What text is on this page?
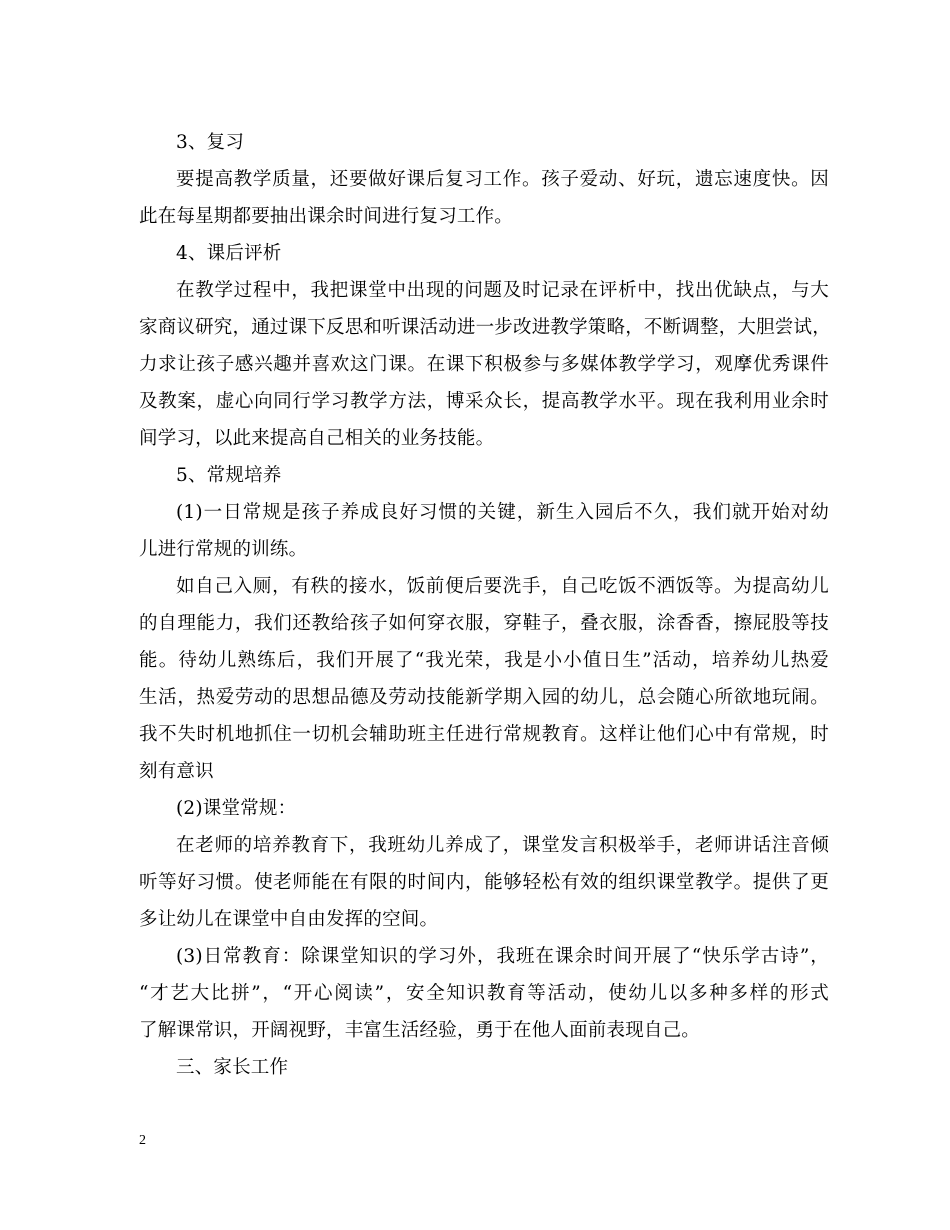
3、复习
要提高教学质量，还要做好课后复习工作。孩子爱动、好玩，遗忘速度快。因
此在每星期都要抽出课余时间进行复习工作。
4、课后评析
在教学过程中，我把课堂中出现的问题及时记录在评析中，找出优缺点，与大
家商议研究，通过课下反思和听课活动进一步改进教学策略，不断调整，大胆尝试，
力求让孩子感兴趣并喜欢这门课。在课下积极参与多媒体教学学习，观摩优秀课件
及教案，虚心向同行学习教学方法，博采众长，提高教学水平。现在我利用业余时
间学习，以此来提高自己相关的业务技能。
5、常规培养
(1)一日常规是孩子养成良好习惯的关键，新生入园后不久，我们就开始对幼
儿进行常规的训练。
如自己入厕，有秩的接水，饭前便后要洗手，自己吃饭不洒饭等。为提高幼儿
的自理能力，我们还教给孩子如何穿衣服，穿鞋子，叠衣服，涂香香，擦屁股等技
能。待幼儿熟练后，我们开展了“我光荣，我是小小值日生”活动，培养幼儿热爱
生活，热爱劳动的思想品德及劳动技能新学期入园的幼儿，总会随心所欲地玩闹。
我不失时机地抓住一切机会辅助班主任进行常规教育。这样让他们心中有常规，时
刻有意识
(2)课堂常规：
在老师的培养教育下，我班幼儿养成了，课堂发言积极举手，老师讲话注音倾
听等好习惯。使老师能在有限的时间内，能够轻松有效的组织课堂教学。提供了更
多让幼儿在课堂中自由发挥的空间。
(3)日常教育：除课堂知识的学习外，我班在课余时间开展了“快乐学古诗”，
“才艺大比拼”，“开心阅读”，安全知识教育等活动，使幼儿以多种多样的形式
了解课常识，开阔视野，丰富生活经验，勇于在他人面前表现自己。
三、家长工作
2
